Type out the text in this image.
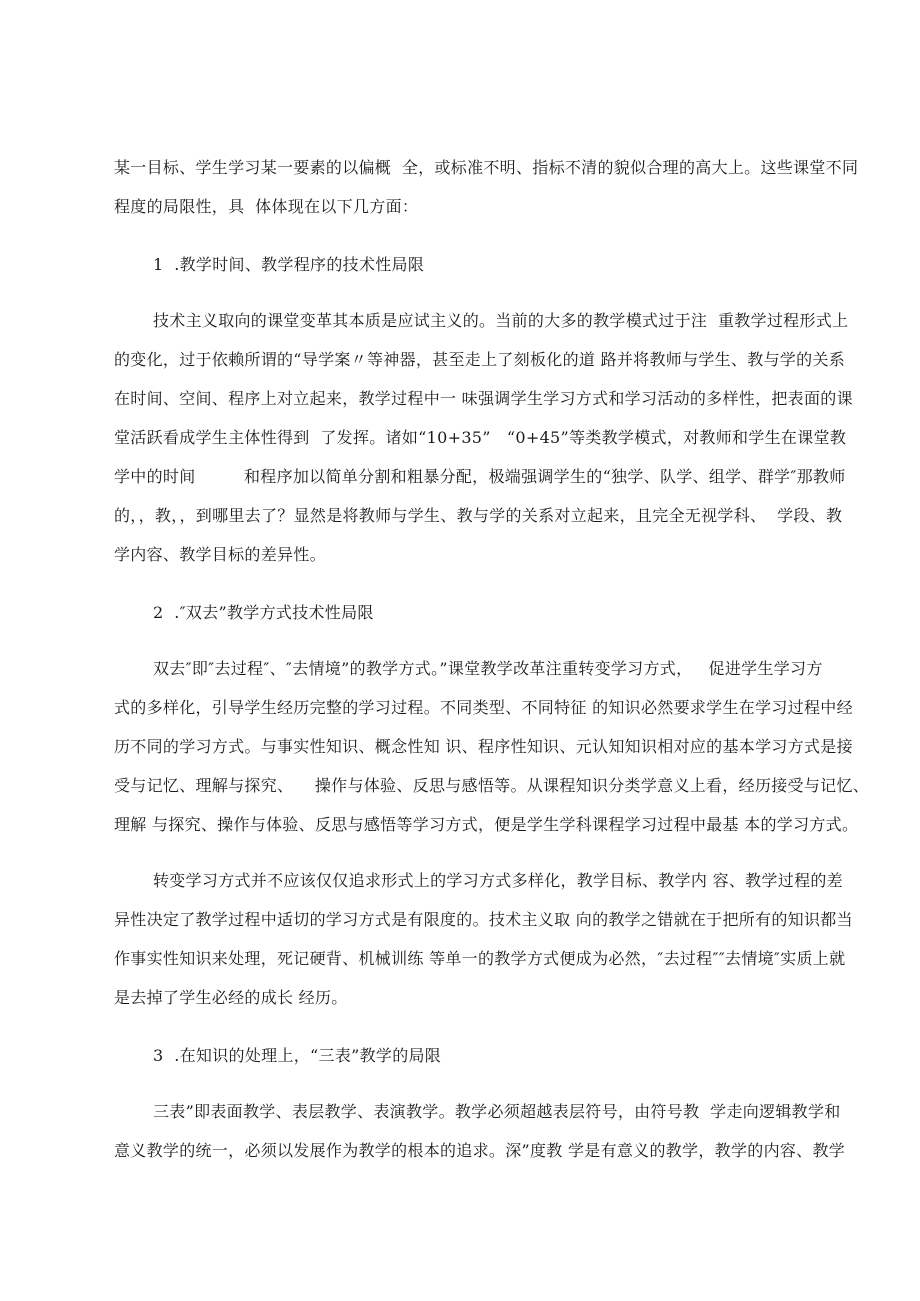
某一目标、学生学习某一要素的以偏概  全，或标准不明、指标不清的貌似合理的高大上。这些课堂不同
程度的局限性，具  体体现在以下几方面：
1  .教学时间、教学程序的技术性局限
技术主义取向的课堂变革其本质是应试主义的。当前的大多的教学模式过于注  重教学过程形式上
的变化，过于依赖所谓的“导学案〃等神器，甚至走上了刻板化的道 路并将教师与学生、教与学的关系
在时间、空间、程序上对立起来，教学过程中一 味强调学生学习方式和学习活动的多样性，把表面的课
堂活跃看成学生主体性得到  了发挥。诸如“10+35”   “0+45”等类教学模式，对教师和学生在课堂教
学中的时间         和程序加以简单分割和粗暴分配，极端强调学生的“独学、队学、组学、群学″那教师
的，，教，，到哪里去了？显然是将教师与学生、教与学的关系对立起来，且完全无视学科、  学段、教
学内容、教学目标的差异性。
2  .″双去”教学方式技术性局限
双去″即″去过程″、″去情境”的教学方式。”课堂教学改革注重转变学习方式，   促进学生学习方
式的多样化，引导学生经历完整的学习过程。不同类型、不同特征 的知识必然要求学生在学习过程中经
历不同的学习方式。与事实性知识、概念性知 识、程序性知识、元认知知识相对应的基本学习方式是接
受与记忆、理解与探究、    操作与体验、反思与感悟等。从课程知识分类学意义上看，经历接受与记忆、
理解 与探究、操作与体验、反思与感悟等学习方式，便是学生学科课程学习过程中最基 本的学习方式。
转变学习方式并不应该仅仅追求形式上的学习方式多样化，教学目标、教学内 容、教学过程的差
异性决定了教学过程中适切的学习方式是有限度的。技术主义取 向的教学之错就在于把所有的知识都当
作事实性知识来处理，死记硬背、机械训练 等单一的教学方式便成为必然，″去过程″″去情境″实质上就
是去掉了学生必经的成长 经历。
3  .在知识的处理上，“三表”教学的局限
三表”即表面教学、表层教学、表演教学。教学必须超越表层符号，由符号教  学走向逻辑教学和
意义教学的统一，必须以发展作为教学的根本的追求。深”度教 学是有意义的教学，教学的内容、教学
